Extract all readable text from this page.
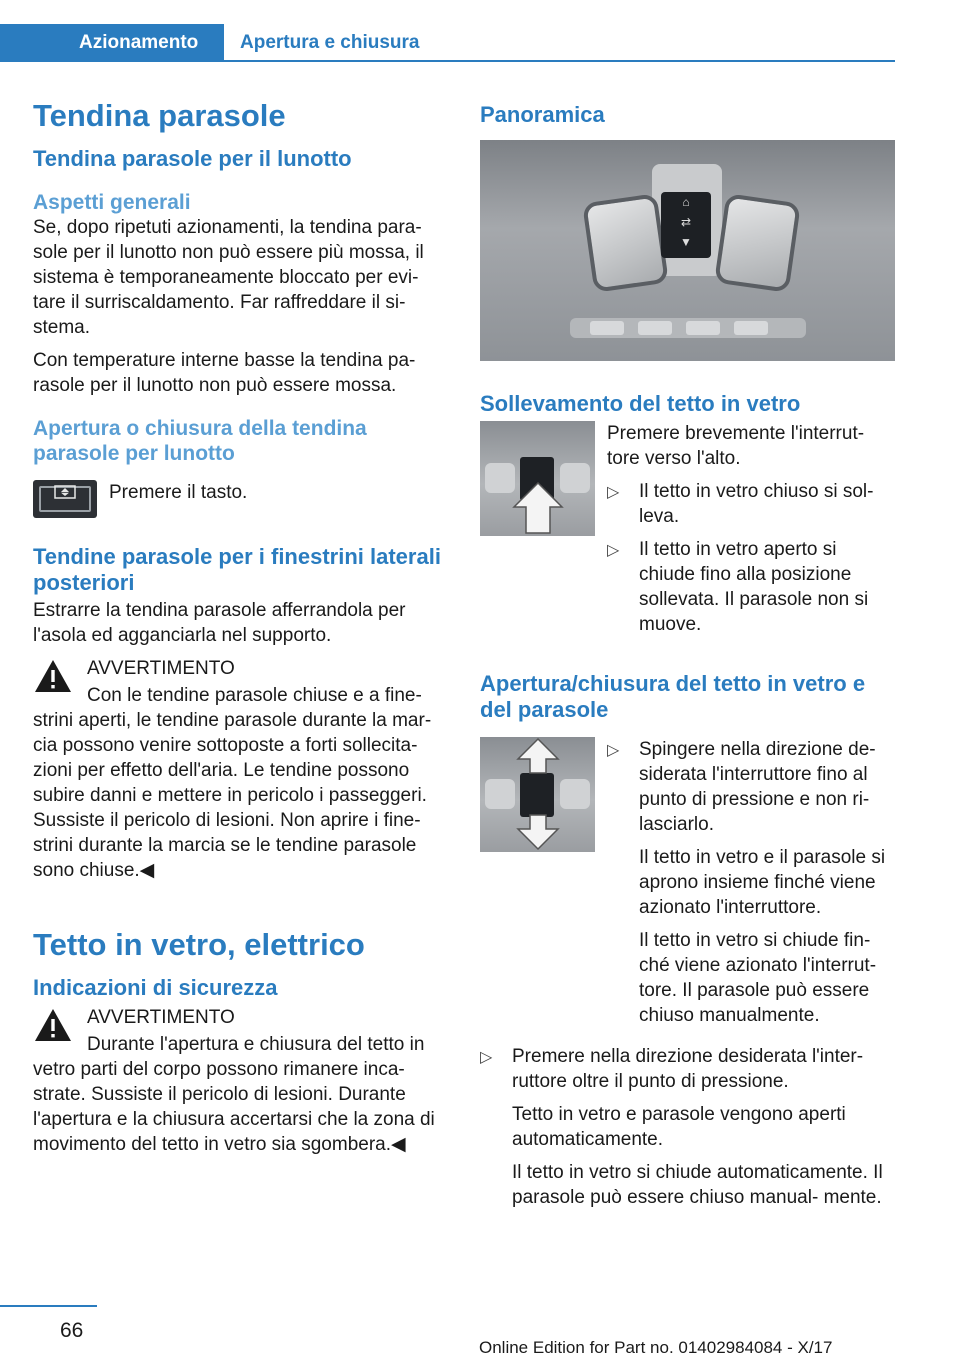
Azionamento	Apertura e chiusura
Tendina parasole
Tendina parasole per il lunotto
Aspetti generali
Se, dopo ripetuti azionamenti, la tendina para‐ sole per il lunotto non può essere più mossa, il sistema è temporaneamente bloccato per evi‐ tare il surriscaldamento. Far raffreddare il si‐ stema.
Con temperature interne basse la tendina pa‐ rasole per il lunotto non può essere mossa.
Apertura o chiusura della tendina parasole per lunotto
Premere il tasto.
Tendine parasole per i finestrini laterali posteriori
Estrarre la tendina parasole afferrandola per l'asola ed agganciarla nel supporto.
AVVERTIMENTO
Con le tendine parasole chiuse e a fine‐
strini aperti, le tendine parasole durante la mar‐ cia possono venire sottoposte a forti sollecita‐ zioni per effetto dell'aria. Le tendine possono subire danni e mettere in pericolo i passeggeri. Sussiste il pericolo di lesioni. Non aprire i fine‐ strini durante la marcia se le tendine parasole sono chiuse.◀
Tetto in vetro, elettrico
Indicazioni di sicurezza
AVVERTIMENTO
Durante l'apertura e chiusura del tetto in
vetro parti del corpo possono rimanere inca‐ strate. Sussiste il pericolo di lesioni. Durante l'apertura e la chiusura accertarsi che la zona di movimento del tetto in vetro sia sgombera.◀
Panoramica
⌂
⇄
▼
Sollevamento del tetto in vetro
Premere brevemente l'interrut‐ tore verso l'alto.
▷	Il tetto in vetro chiuso si sol‐ leva.
▷	Il tetto in vetro aperto si chiude fino alla posizione sollevata. Il parasole non si muove.
Apertura/chiusura del tetto in vetro e del parasole
▷	Spingere nella direzione de‐ siderata l'interruttore fino al punto di pressione e non ri‐ lasciarlo.
Il tetto in vetro e il parasole si aprono insieme finché viene azionato l'interruttore.
Il tetto in vetro si chiude fin‐ ché viene azionato l'interrut‐ tore. Il parasole può essere chiuso manualmente.
▷	Premere nella direzione desiderata l'inter‐ ruttore oltre il punto di pressione.
Tetto in vetro e parasole vengono aperti automaticamente.
Il tetto in vetro si chiude automaticamente. Il parasole può essere chiuso manual‐ mente.
66
Online Edition for Part no. 01402984084 - X/17
